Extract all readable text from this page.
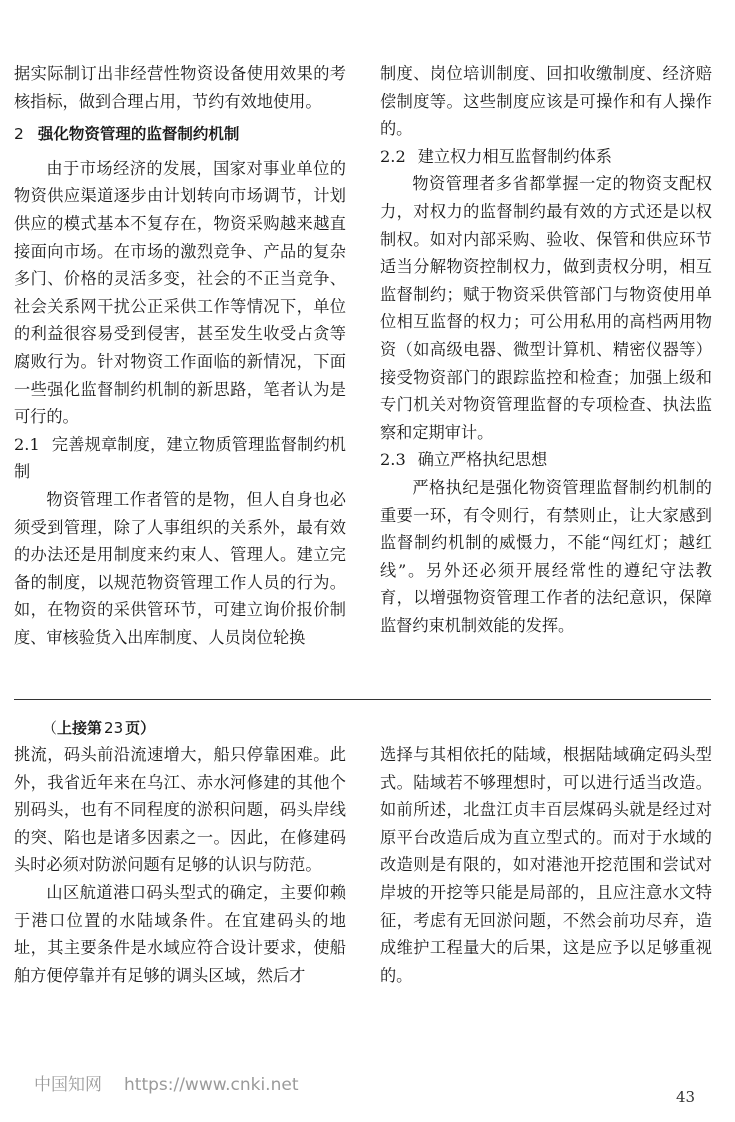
据实际制订出非经营性物资设备使用效果的考核指标，做到合理占用，节约有效地使用。

2 强化物资管理的监督制约机制

由于市场经济的发展，国家对事业单位的物资供应渠道逐步由计划转向市场调节，计划供应的模式基本不复存在，物资采购越来越直接面向市场。在市场的激烈竞争、产品的复杂多门、价格的灵活多变，社会的不正当竞争、社会关系网干扰公正采供工作等情况下，单位的利益很容易受到侵害，甚至发生收受占贪等腐败行为。针对物资工作面临的新情况，下面一些强化监督制约机制的新思路，笔者认为是可行的。

2.1 完善规章制度，建立物质管理监督制约机制

物资管理工作者管的是物，但人自身也必须受到管理，除了人事组织的关系外，最有效的办法还是用制度来约束人、管理人。建立完备的制度，以规范物资管理工作人员的行为。如，在物资的采供管环节，可建立询价报价制度、审核验货入出库制度、人员岗位轮换

制度、岗位培训制度、回扣收缴制度、经济赔偿制度等。这些制度应该是可操作和有人操作的。

2.2 建立权力相互监督制约体系

物资管理者多省都掌握一定的物资支配权力，对权力的监督制约最有效的方式还是以权制权。如对内部采购、验收、保管和供应环节适当分解物资控制权力，做到责权分明，相互监督制约；赋于物资采供管部门与物资使用单位相互监督的权力；可公用私用的高档两用物资（如高级电器、微型计算机、精密仪器等）接受物资部门的跟踪监控和检查；加强上级和专门机关对物资管理监督的专项检查、执法监察和定期审计。

2.3 确立严格执纪思想

严格执纪是强化物资管理监督制约机制的重要一环，有令则行，有禁则止，让大家感到监督制约机制的威慑力，不能“闯红灯；越红线”。另外还必须开展经常性的遵纪守法教育，以增强物资管理工作者的法纪意识，保障监督约束机制效能的发挥。

（上接第 23 页）

挑流，码头前沿流速增大，船只停靠困难。此外，我省近年来在乌江、赤水河修建的其他个别码头，也有不同程度的淤积问题，码头岸线的突、陷也是诸多因素之一。因此，在修建码头时必须对防淤问题有足够的认识与防范。

山区航道港口码头型式的确定，主要仰赖于港口位置的水陆域条件。在宜建码头的地址，其主要条件是水域应符合设计要求，使船舶方便停靠并有足够的调头区域，然后才

选择与其相依托的陆域，根据陆域确定码头型式。陆域若不够理想时，可以进行适当改造。如前所述，北盘江贞丰百层煤码头就是经过对原平台改造后成为直立型式的。而对于水域的改造则是有限的，如对港池开挖范围和尝试对岸坡的开挖等只能是局部的，且应注意水文特征，考虑有无回淤问题，不然会前功尽弃，造成维护工程量大的后果，这是应予以足够重视的。

中国知网 https://www.cnki.net
43
